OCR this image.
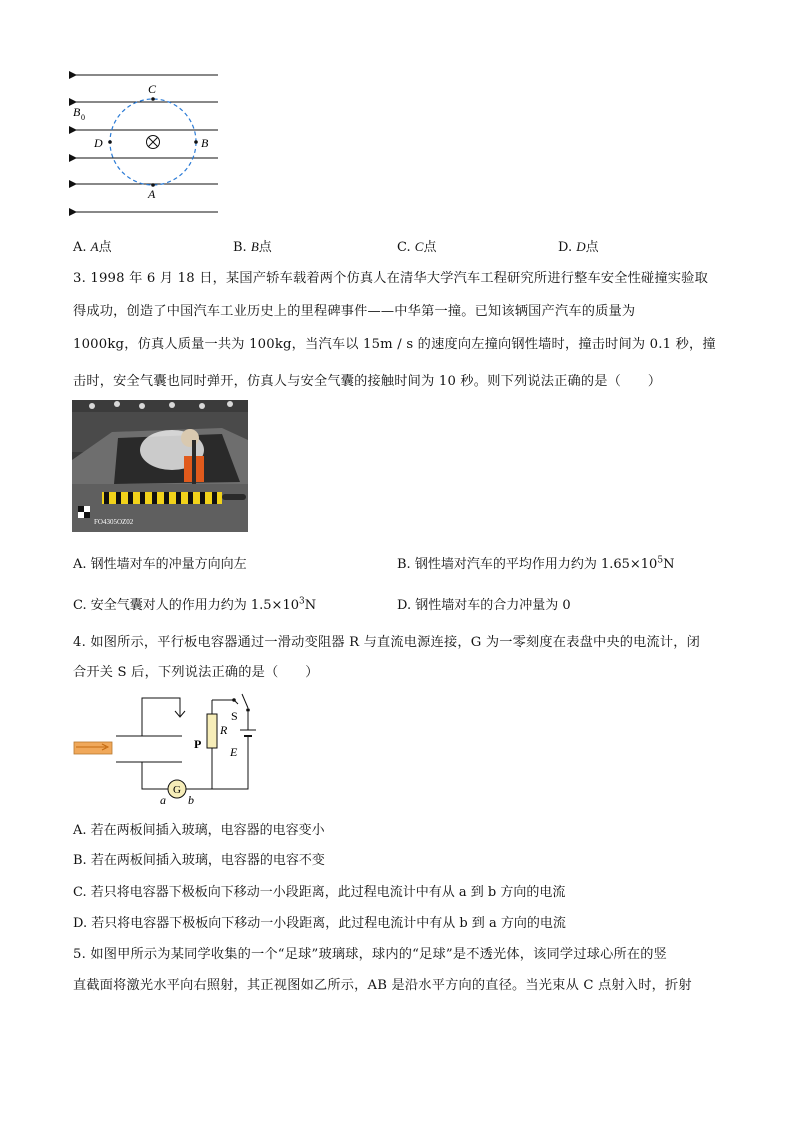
C
D	B
A
B 0
A. A点	B. B点	C. C点	D. D点
3. 1998 年 6 月 18 日，某国产轿车载着两个仿真人在清华大学汽车工程研究所进行整车安全性碰撞实验取
得成功，创造了中国汽车工业历史上的里程碑事件——中华第一撞。已知该辆国产汽车的质量为
1000kg，仿真人质量一共为 100kg，当汽车以 15m / s 的速度向左撞向钢性墙时，撞击时间为 0.1 秒，撞
击时，安全气囊也同时弹开，仿真人与安全气囊的接触时间为 10 秒。则下列说法正确的是（　　）
FO4305OZ02
A. 钢性墙对车的冲量方向向左	B. 钢性墙对汽车的平均作用力约为 $1.65\times 10^5N$
C. 安全气囊对人的作用力约为 $1.5\times 10^3N$	D. 钢性墙对车的合力冲量为 0
4. 如图所示，平行板电容器通过一滑动变阻器 R 与直流电源连接，G 为一零刻度在表盘中央的电流计，闭
合开关 S 后，下列说法正确的是（　　）
S
R
P
E
G
a b
A. 若在两板间插入玻璃，电容器的电容变小
B. 若在两板间插入玻璃，电容器的电容不变
C. 若只将电容器下极板向下移动一小段距离，此过程电流计中有从 a 到 b 方向的电流
D. 若只将电容器下极板向下移动一小段距离，此过程电流计中有从 b 到 a 方向的电流
5. 如图甲所示为某同学收集的一个“足球”玻璃球，球内的“足球”是不透光体，该同学过球心所在的竖
直截面将激光水平向右照射，其正视图如乙所示，AB 是沿水平方向的直径。当光束从 C 点射入时，折射
